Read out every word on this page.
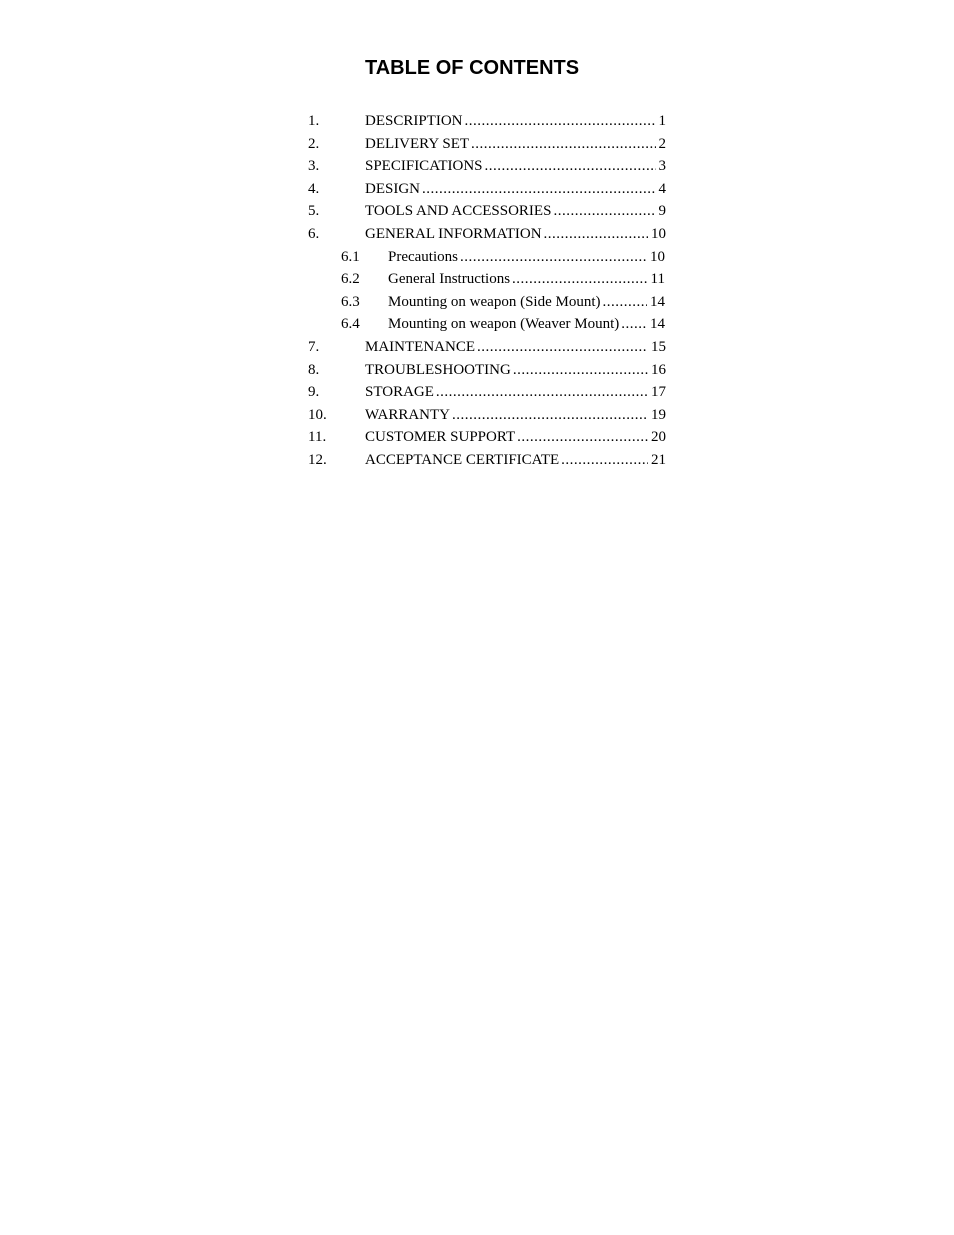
TABLE OF CONTENTS
1.	DESCRIPTION .....	1
2.	DELIVERY SET .....	2
3.	SPECIFICATIONS .....	3
4.	DESIGN .....	4
5.	TOOLS AND ACCESSORIES .....	9
6.	GENERAL INFORMATION .....	10
6.1 Precautions .....	10
6.2 General Instructions .....	11
6.3 Mounting on weapon (Side Mount) .....	14
6.4 Mounting on weapon (Weaver Mount) ..... 14
7.	MAINTENANCE .....	15
8.	TROUBLESHOOTING .....	16
9.	STORAGE .....	17
10.	WARRANTY .....	19
11.	CUSTOMER SUPPORT .....	20
12.	ACCEPTANCE CERTIFICATE .....	21
